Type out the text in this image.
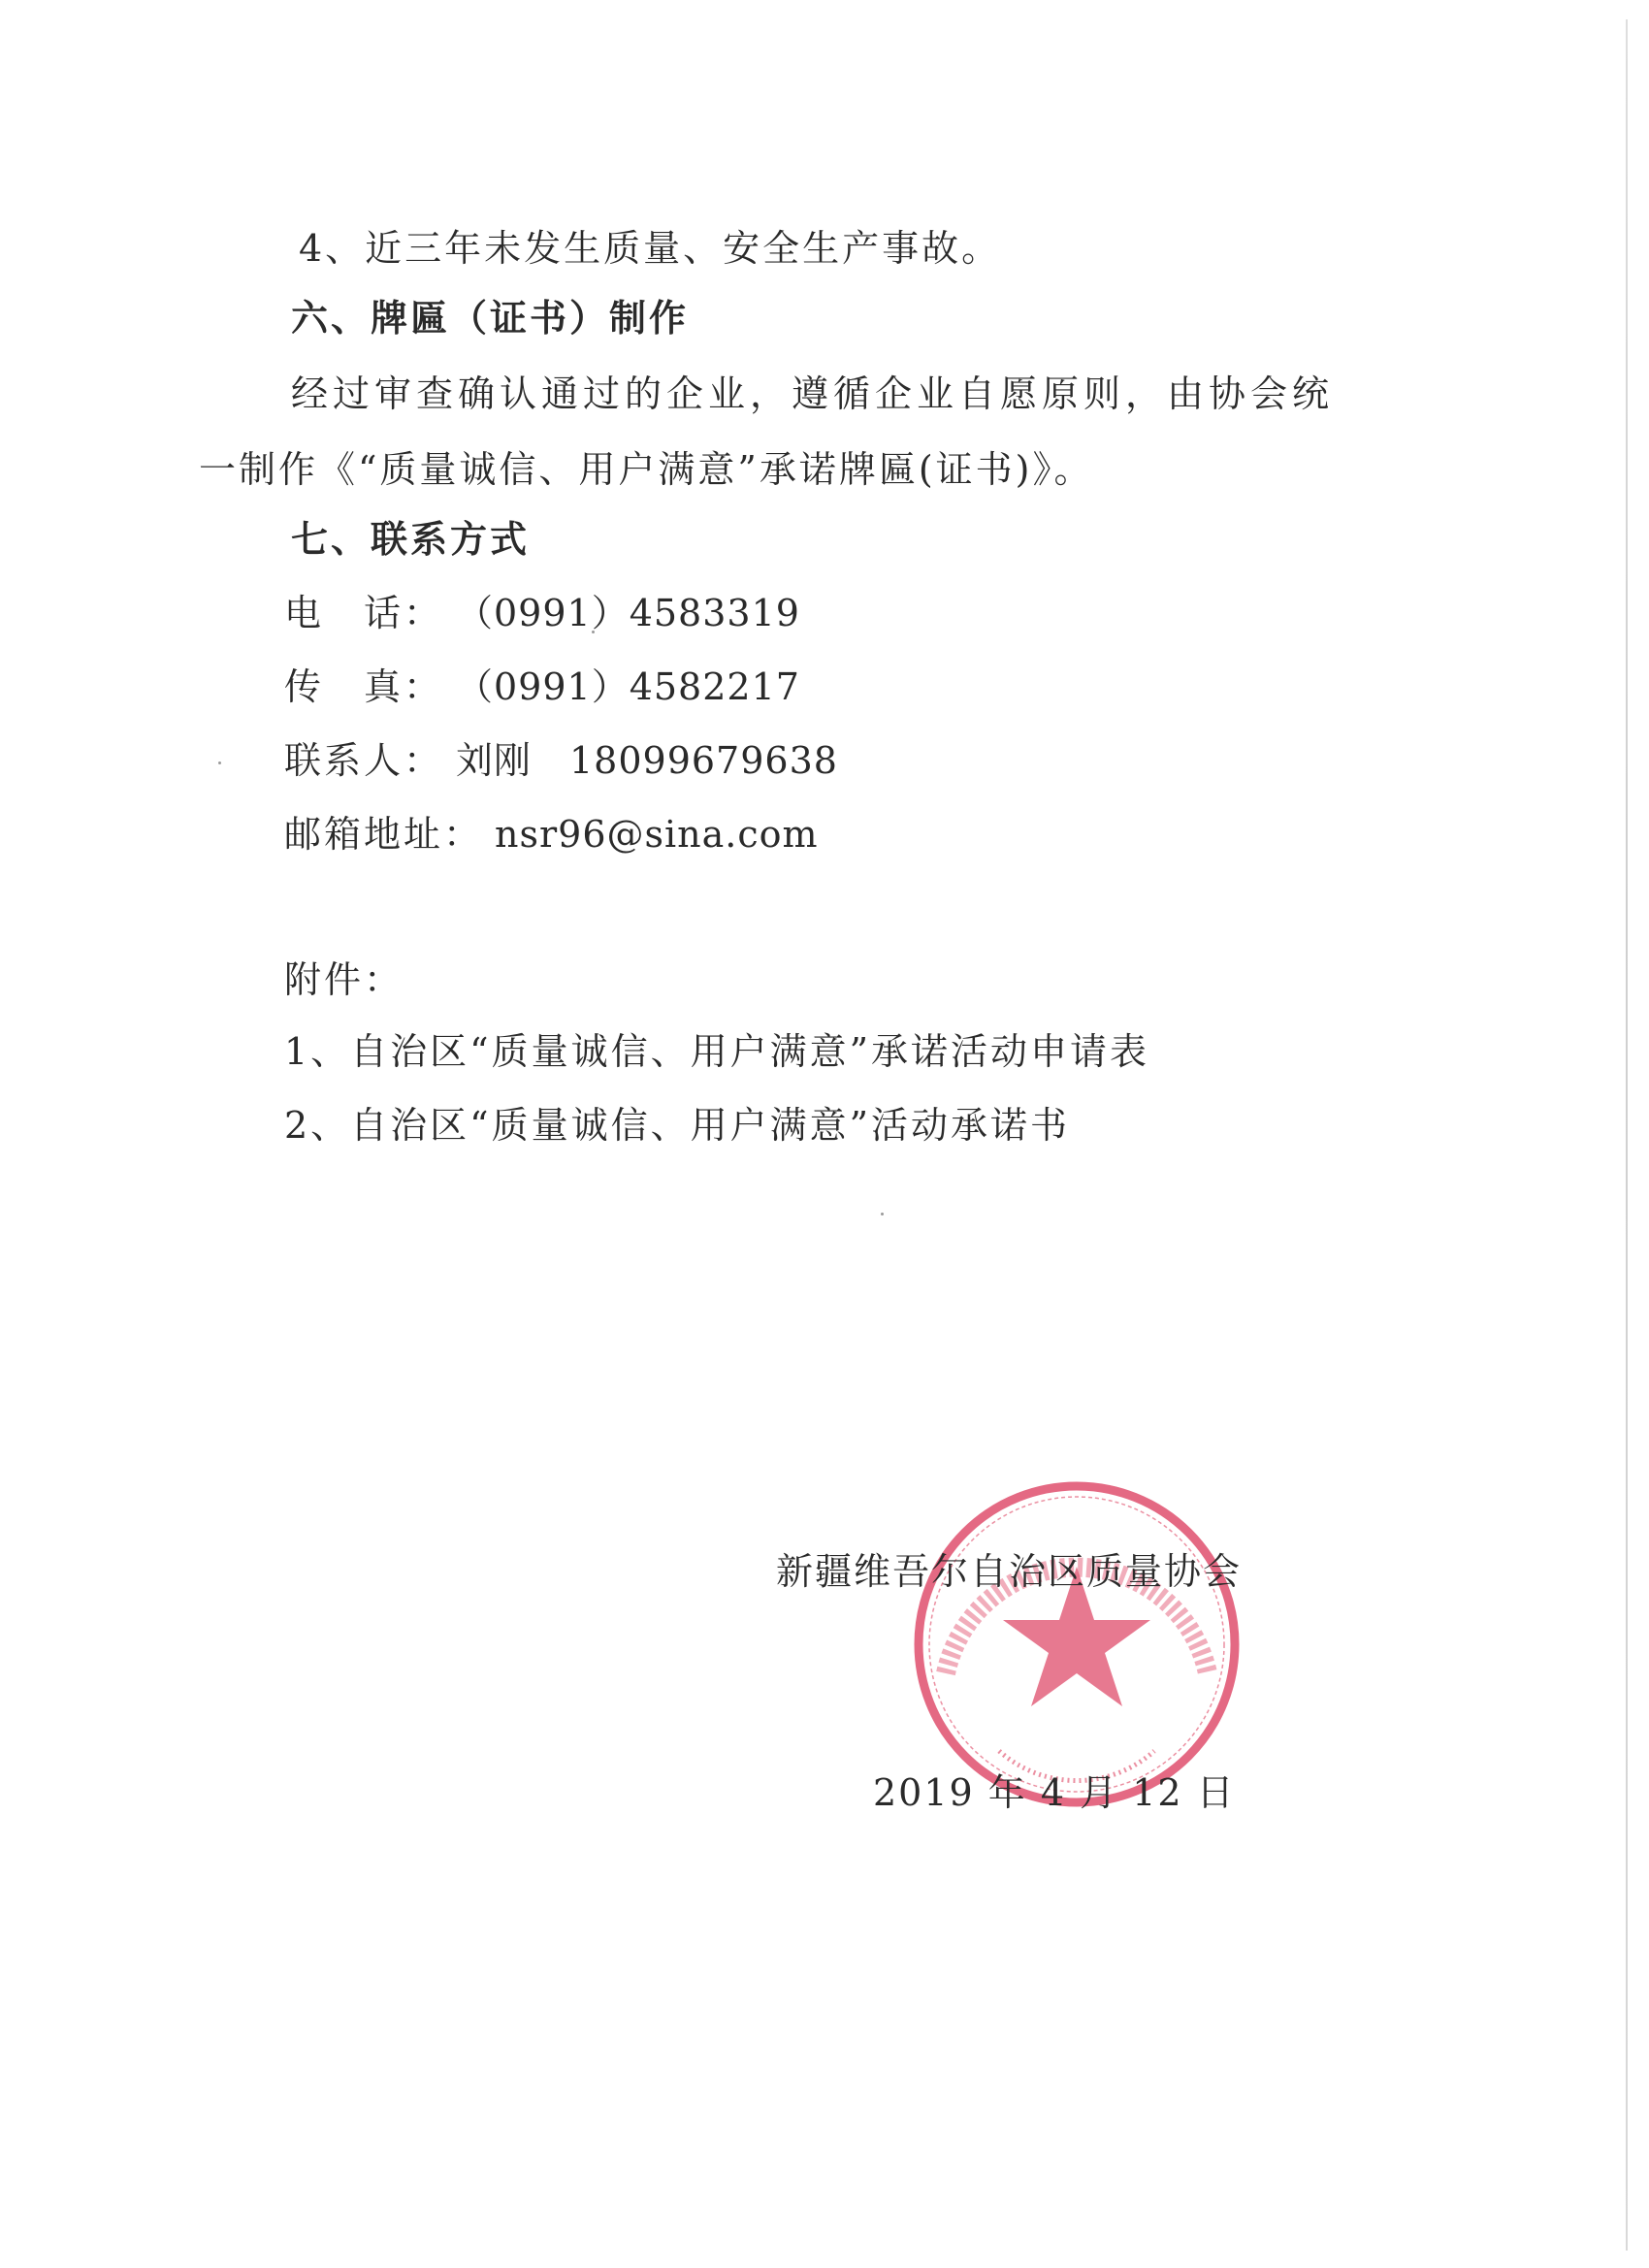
4、近三年未发生质量、安全生产事故。
六、牌匾（证书）制作
经过审查确认通过的企业，遵循企业自愿原则，由协会统
一制作《“质量诚信、用户满意”承诺牌匾(证书)》。
七、联系方式
电　话： （0991）4583319
传　真： （0991）4582217
联系人： 刘刚　18099679638
邮箱地址： nsr96@sina.com
附件：
1、自治区“质量诚信、用户满意”承诺活动申请表
2、自治区“质量诚信、用户满意”活动承诺书
新疆维吾尔自治区质量协会
2019 年 4 月 12 日
